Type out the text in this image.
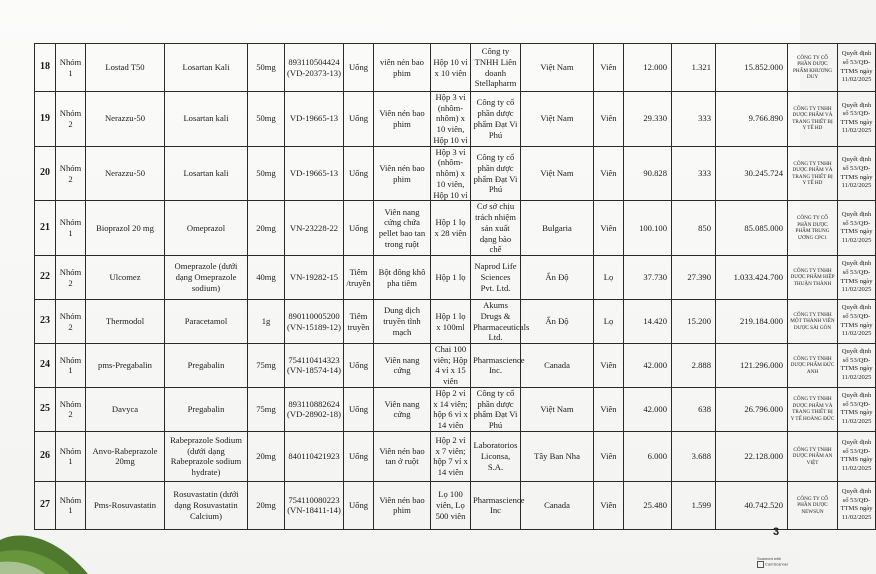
18	Nhóm 1	Lostad T50	Losartan Kali	50mg	893110504424 (VD-20373-13)	Uống	viên nén bao phim	Hộp 10 vỉ x 10 viên	Công ty TNHH Liên doanh Stellapharm	Việt Nam	Viên	12.000	1.321	15.852.000	CÔNG TY CỔ PHẦN DƯỢC PHẨM KHƯƠNG DUY	Quyết định số 53/QĐ-TTMS ngày 11/02/2025
19	Nhóm 2	Nerazzu-50	Losartan kali	50mg	VD-19665-13	Uống	Viên nén bao phim	Hộp 3 vỉ (nhôm-nhôm) x 10 viên, Hộp 10 vỉ	Công ty cổ phần dược phẩm Đạt Vi Phú	Việt Nam	Viên	29.330	333	9.766.890	CÔNG TY TNHH DƯỢC PHẨM VÀ TRANG THIẾT BỊ Y TẾ HD	Quyết định số 53/QĐ-TTMS ngày 11/02/2025
20	Nhóm 2	Nerazzu-50	Losartan kali	50mg	VD-19665-13	Uống	Viên nén bao phim	Hộp 3 vỉ (nhôm-nhôm) x 10 viên, Hộp 10 vỉ	Công ty cổ phần dược phẩm Đạt Vi Phú	Việt Nam	Viên	90.828	333	30.245.724	CÔNG TY TNHH DƯỢC PHẨM VÀ TRANG THIẾT BỊ Y TẾ HD	Quyết định số 53/QĐ-TTMS ngày 11/02/2025
21	Nhóm 1	Bioprazol 20 mg	Omeprazol	20mg	VN-23228-22	Uống	Viên nang cứng chứa pellet bao tan trong ruột	Hộp 1 lọ x 28 viên	Cơ sở chịu trách nhiệm sản xuất dạng bào chế	Bulgaria	Viên	100.100	850	85.085.000	CÔNG TY CỔ PHẦN DƯỢC PHẨM TRUNG ƯƠNG CPC1	Quyết định số 53/QĐ-TTMS ngày 11/02/2025
22	Nhóm 2	Ulcomez	Omeprazole (dưới dạng Omeprazole sodium)	40mg	VN-19282-15	Tiêm /truyền	Bột đông khô pha tiêm	Hộp 1 lọ	Naprod Life Sciences Pvt. Ltd.	Ấn Độ	Lọ	37.730	27.390	1.033.424.700	CÔNG TY TNHH DƯỢC PHẨM HIỆP THUẬN THÀNH	Quyết định số 53/QĐ-TTMS ngày 11/02/2025
23	Nhóm 2	Thermodol	Paracetamol	1g	890110005200 (VN-15189-12)	Tiêm truyền	Dung dịch truyền tĩnh mạch	Hộp 1 lọ x 100ml	Akums Drugs & Pharmaceuticals Ltd.	Ấn Độ	Lọ	14.420	15.200	219.184.000	CÔNG TY TNHH MỘT THÀNH VIÊN DƯỢC SÀI GÒN	Quyết định số 53/QĐ-TTMS ngày 11/02/2025
24	Nhóm 1	pms-Pregabalin	Pregabalin	75mg	754110414323 (VN-18574-14)	Uống	Viên nang cứng	Chai 100 viên; Hộp 4 vỉ x 15 viên	Pharmascience Inc.	Canada	Viên	42.000	2.888	121.296.000	CÔNG TY TNHH DƯỢC PHẨM ĐỨC ANH	Quyết định số 53/QĐ-TTMS ngày 11/02/2025
25	Nhóm 2	Davyca	Pregabalin	75mg	893110882624 (VD-28902-18)	Uống	Viên nang cứng	Hộp 2 vỉ x 14 viên; hộp 6 vỉ x 14 viên	Công ty cổ phần dược phẩm Đạt Vi Phú	Việt Nam	Viên	42.000	638	26.796.000	CÔNG TY TNHH DƯỢC PHẨM VÀ TRANG THIẾT BỊ Y TẾ HOÀNG ĐỨC	Quyết định số 53/QĐ-TTMS ngày 11/02/2025
26	Nhóm 1	Anvo-Rabeprazole 20mg	Rabeprazole Sodium (dưới dạng Rabeprazole sodium hydrate)	20mg	840110421923	Uống	Viên nén bao tan ở ruột	Hộp 2 vỉ x 7 viên; hộp 7 vỉ x 14 viên	Laboratorios Liconsa, S.A.	Tây Ban Nha	Viên	6.000	3.688	22.128.000	CÔNG TY TNHH DƯỢC PHẨM AN VIỆT	Quyết định số 53/QĐ-TTMS ngày 11/02/2025
27	Nhóm 1	Pms-Rosuvastatin	Rosuvastatin (dưới dạng Rosuvastatin Calcium)	20mg	754110080223 (VN-18411-14)	Uống	Viên nén bao phim	Lọ 100 viên, Lọ 500 viên	Pharmascience Inc	Canada	Viên	25.480	1.599	40.742.520	CÔNG TY CỔ PHẦN DƯỢC NEWSUN	Quyết định số 53/QĐ-TTMS ngày 11/02/2025
3
Scanned with
CamScanner
